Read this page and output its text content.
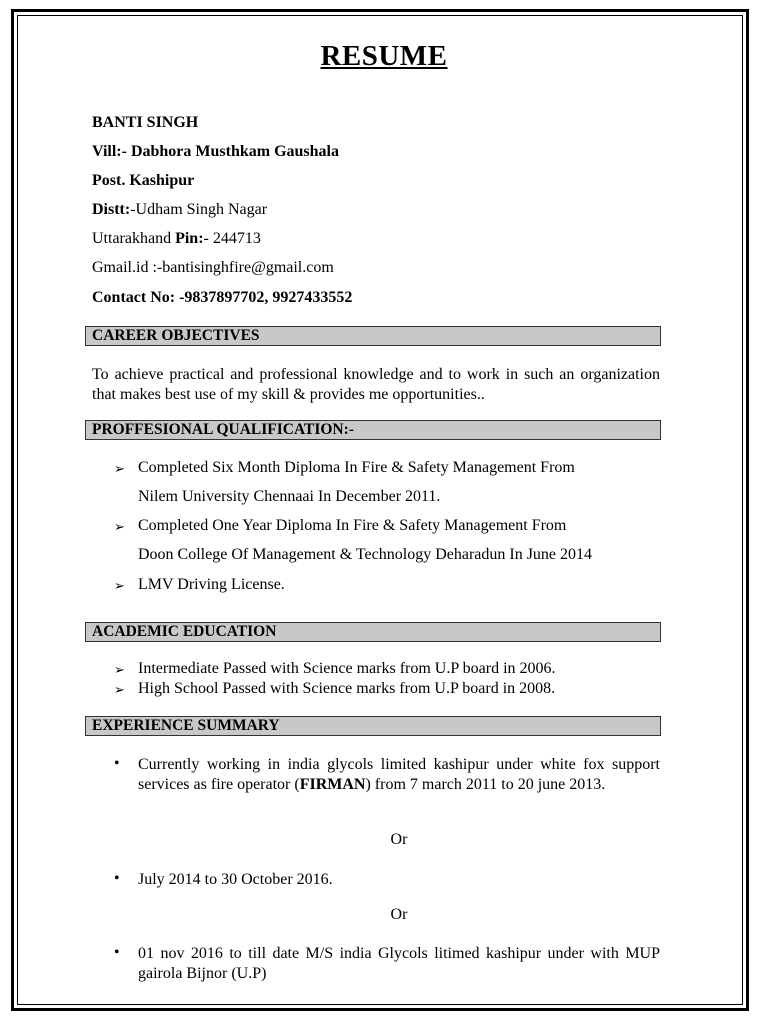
RESUME
BANTI SINGH
Vill:- Dabhora Musthkam Gaushala
Post. Kashipur
Distt:-Udham Singh Nagar
Uttarakhand Pin:- 244713
Gmail.id :-bantisinghfire@gmail.com
Contact No: -9837897702, 9927433552
CAREER OBJECTIVES
To achieve practical and professional knowledge and to work in such an organization that makes best use of my skill & provides me opportunities..
PROFFESIONAL QUALIFICATION:-
➢ Completed Six Month Diploma In Fire & Safety Management From
Nilem University Chennaai In December 2011.
➢ Completed One Year Diploma In Fire & Safety Management From
Doon College Of Management & Technology Deharadun In June 2014
➢ LMV Driving License.
ACADEMIC EDUCATION
➢ Intermediate Passed with Science marks from U.P board in 2006.
➢ High School Passed with Science marks from U.P board in 2008.
EXPERIENCE SUMMARY
• Currently working in india glycols limited kashipur under white fox support services as fire operator (FIRMAN) from 7 march 2011 to 20 june 2013.
Or
• July 2014 to 30 October 2016.
Or
• 01 nov 2016 to till date M/S india Glycols litimed kashipur under with MUP gairola Bijnor (U.P)
